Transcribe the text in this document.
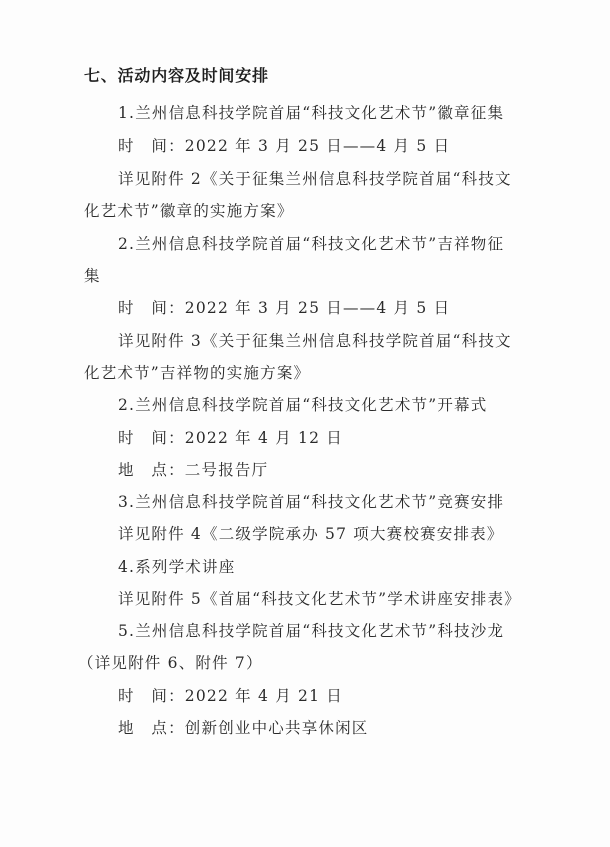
七、活动内容及时间安排
1.兰州信息科技学院首届“科技文化艺术节”徽章征集
时　间：2022 年 3 月 25 日——4 月 5 日
详见附件 2《关于征集兰州信息科技学院首届“科技文
化艺术节”徽章的实施方案》
2.兰州信息科技学院首届“科技文化艺术节”吉祥物征
集
时　间：2022 年 3 月 25 日——4 月 5 日
详见附件 3《关于征集兰州信息科技学院首届“科技文
化艺术节”吉祥物的实施方案》
2.兰州信息科技学院首届“科技文化艺术节”开幕式
时　间：2022 年 4 月 12 日
地　点：二号报告厅
3.兰州信息科技学院首届“科技文化艺术节”竞赛安排
详见附件 4《二级学院承办 57 项大赛校赛安排表》
4.系列学术讲座
详见附件 5《首届“科技文化艺术节”学术讲座安排表》
5.兰州信息科技学院首届“科技文化艺术节”科技沙龙
（详见附件 6、附件 7）
时　间：2022 年 4 月 21 日
地　点：创新创业中心共享休闲区
